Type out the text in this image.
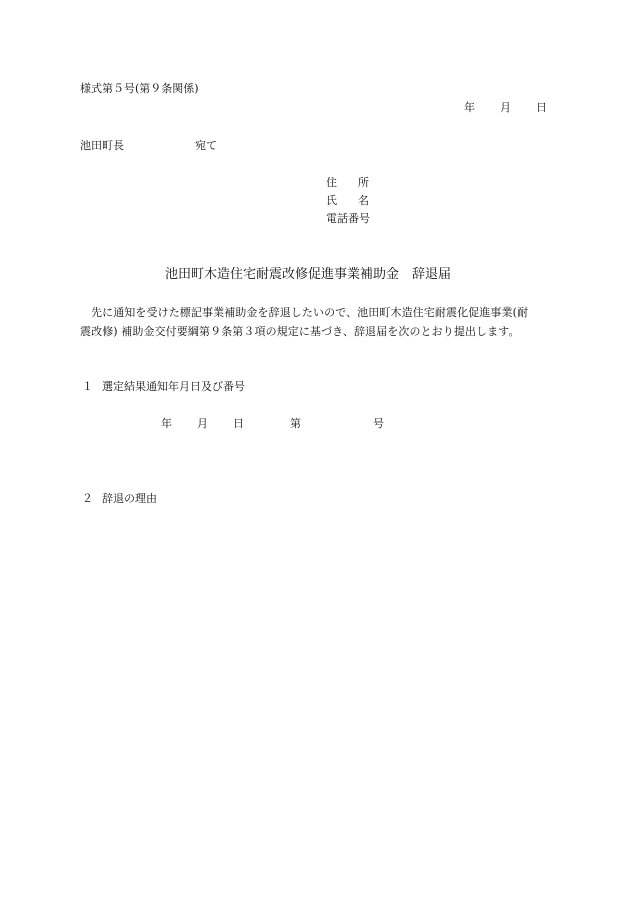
様式第５号(第９条関係)
年 月 日
池田町長	宛て
住 所
氏 名
電話番号
池田町木造住宅耐震改修促進事業補助金　辞退届
先に通知を受けた標記事業補助金を辞退したいので、池田町木造住宅耐震化促進事業(耐
震改修) 補助金交付要綱第９条第３項の規定に基づき、辞退届を次のとおり提出します。
１ 選定結果通知年月日及び番号
年 月 日	第	号
２ 辞退の理由
